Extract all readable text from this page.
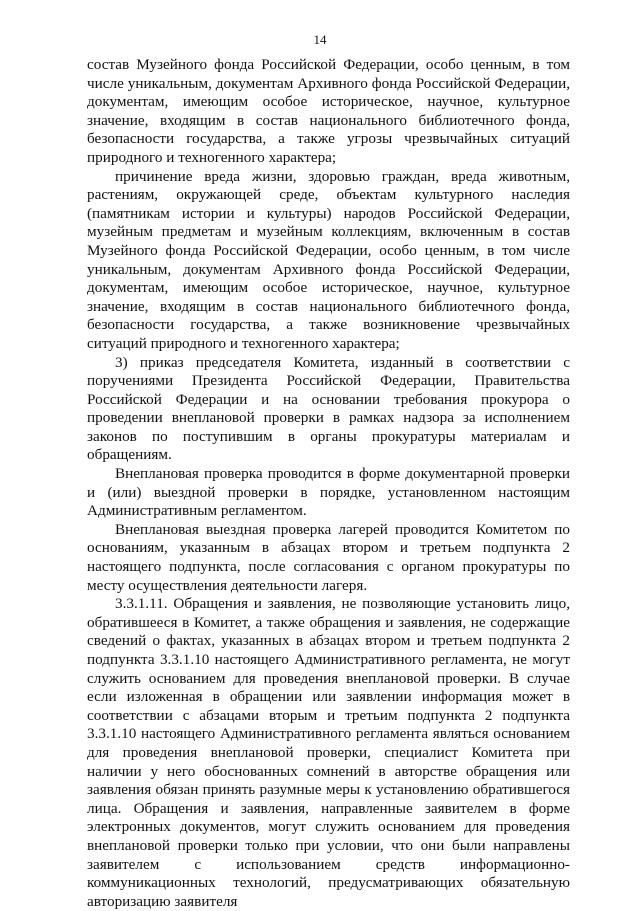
14

состав Музейного фонда Российской Федерации, особо ценным, в том числе уникальным, документам Архивного фонда Российской Федерации, документам, имеющим особое историческое, научное, культурное значение, входящим в состав национального библиотечного фонда, безопасности государства, а также угрозы чрезвычайных ситуаций природного и техногенного характера;

причинение вреда жизни, здоровью граждан, вреда животным, растениям, окружающей среде, объектам культурного наследия (памятникам истории и культуры) народов Российской Федерации, музейным предметам и музейным коллекциям, включенным в состав Музейного фонда Российской Федерации, особо ценным, в том числе уникальным, документам Архивного фонда Российской Федерации, документам, имеющим особое историческое, научное, культурное значение, входящим в состав национального библиотечного фонда, безопасности государства, а также возникновение чрезвычайных ситуаций природного и техногенного характера;

3) приказ председателя Комитета, изданный в соответствии с поручениями Президента Российской Федерации, Правительства Российской Федерации и на основании требования прокурора о проведении внеплановой проверки в рамках надзора за исполнением законов по поступившим в органы прокуратуры материалам и обращениям.

Внеплановая проверка проводится в форме документарной проверки и (или) выездной проверки в порядке, установленном настоящим Административным регламентом.

Внеплановая выездная проверка лагерей проводится Комитетом по основаниям, указанным в абзацах втором и третьем подпункта 2 настоящего подпункта, после согласования с органом прокуратуры по месту осуществления деятельности лагеря.

3.3.1.11. Обращения и заявления, не позволяющие установить лицо, обратившееся в Комитет, а также обращения и заявления, не содержащие сведений о фактах, указанных в абзацах втором и третьем подпункта 2 подпункта 3.3.1.10 настоящего Административного регламента, не могут служить основанием для проведения внеплановой проверки. В случае если изложенная в обращении или заявлении информация может в соответствии с абзацами вторым и третьим подпункта 2 подпункта 3.3.1.10 настоящего Административного регламента являться основанием для проведения внеплановой проверки, специалист Комитета при наличии у него обоснованных сомнений в авторстве обращения или заявления обязан принять разумные меры к установлению обратившегося лица. Обращения и заявления, направленные заявителем в форме электронных документов, могут служить основанием для проведения внеплановой проверки только при условии, что они были направлены заявителем с использованием средств информационно-коммуникационных технологий, предусматривающих обязательную авторизацию заявителя
